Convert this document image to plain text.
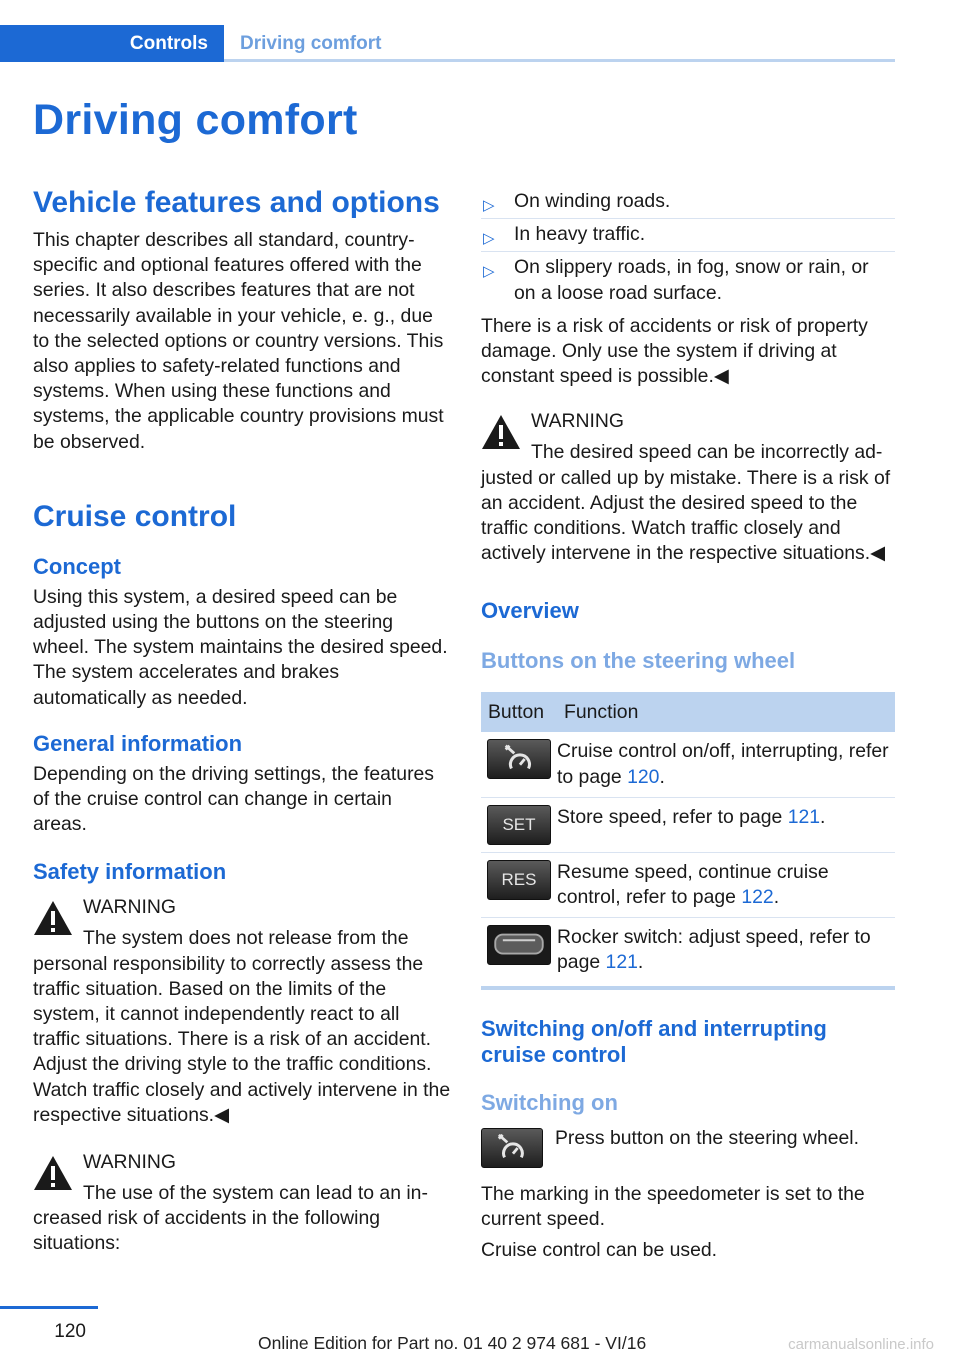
Controls Driving comfort
Driving comfort
Vehicle features and options

This chapter describes all standard, country-specific and optional features offered with the series. It also describes features that are not necessarily available in your vehicle, e. g., due to the selected options or country versions. This also applies to safety-related functions and systems. When using these functions and systems, the applicable country provisions must be observed.

Cruise control
Concept

Using this system, a desired speed can be adjusted using the buttons on the steering wheel. The system maintains the desired speed. The system accelerates and brakes automatically as needed.

General information

Depending on the driving settings, the features of the cruise control can change in certain areas.

Safety information
WARNING
The system does not release from the

personal responsibility to correctly assess the traffic situation. Based on the limits of the system, it cannot independently react to all traffic situations. There is a risk of an accident. Adjust the driving style to the traffic conditions. Watch traffic closely and actively intervene in the respective situations.◀

WARNING
The use of the system can lead to an in-

creased risk of accidents in the following situations:

▷ On winding roads.
▷ In heavy traffic.
▷ On slippery roads, in fog, snow or rain, or on a loose road surface.

There is a risk of accidents or risk of property damage. Only use the system if driving at constant speed is possible.◀

WARNING
The desired speed can be incorrectly ad-

justed or called up by mistake. There is a risk of an accident. Adjust the desired speed to the traffic conditions. Watch traffic closely and actively intervene in the respective situations.◀

Overview
Buttons on the steering wheel
Button	Function

	Cruise control on/off, interrupting, refer to page 120.

SET	Store speed, refer to page 121.

RES	Resume speed, continue cruise control, refer to page 122.

	Rocker switch: adjust speed, refer to page 121.
Switching on/off and interrupting cruise control
Switching on
Press button on the steering wheel.

The marking in the speedometer is set to the current speed.

Cruise control can be used.

120
Online Edition for Part no. 01 40 2 974 681 - VI/16	carmanualsonline.info
